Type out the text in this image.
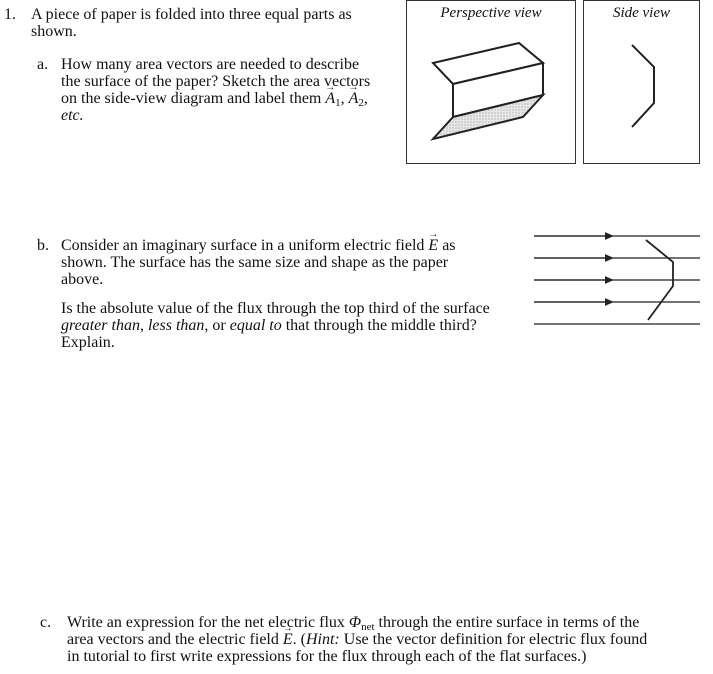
1. A piece of paper is folded into three equal parts as
shown.
a. How many area vectors are needed to describe
the surface of the paper? Sketch the area vectors
on the side-view diagram and label them → $A_1$, → $A_2$,
etc.
Perspective view	Side view
b. Consider an imaginary surface in a uniform electric field → E as
shown. The surface has the same size and shape as the paper
above.
Is the absolute value of the flux through the top third of the surface
greater than, less than, or equal to that through the middle third?
Explain.
c. Write an expression for the net electric flux $\Phi_{net}$ through the entire surface in terms of the
area vectors and the electric field → E. (Hint: Use the vector definition for electric flux found
in tutorial to first write expressions for the flux through each of the flat surfaces.)
